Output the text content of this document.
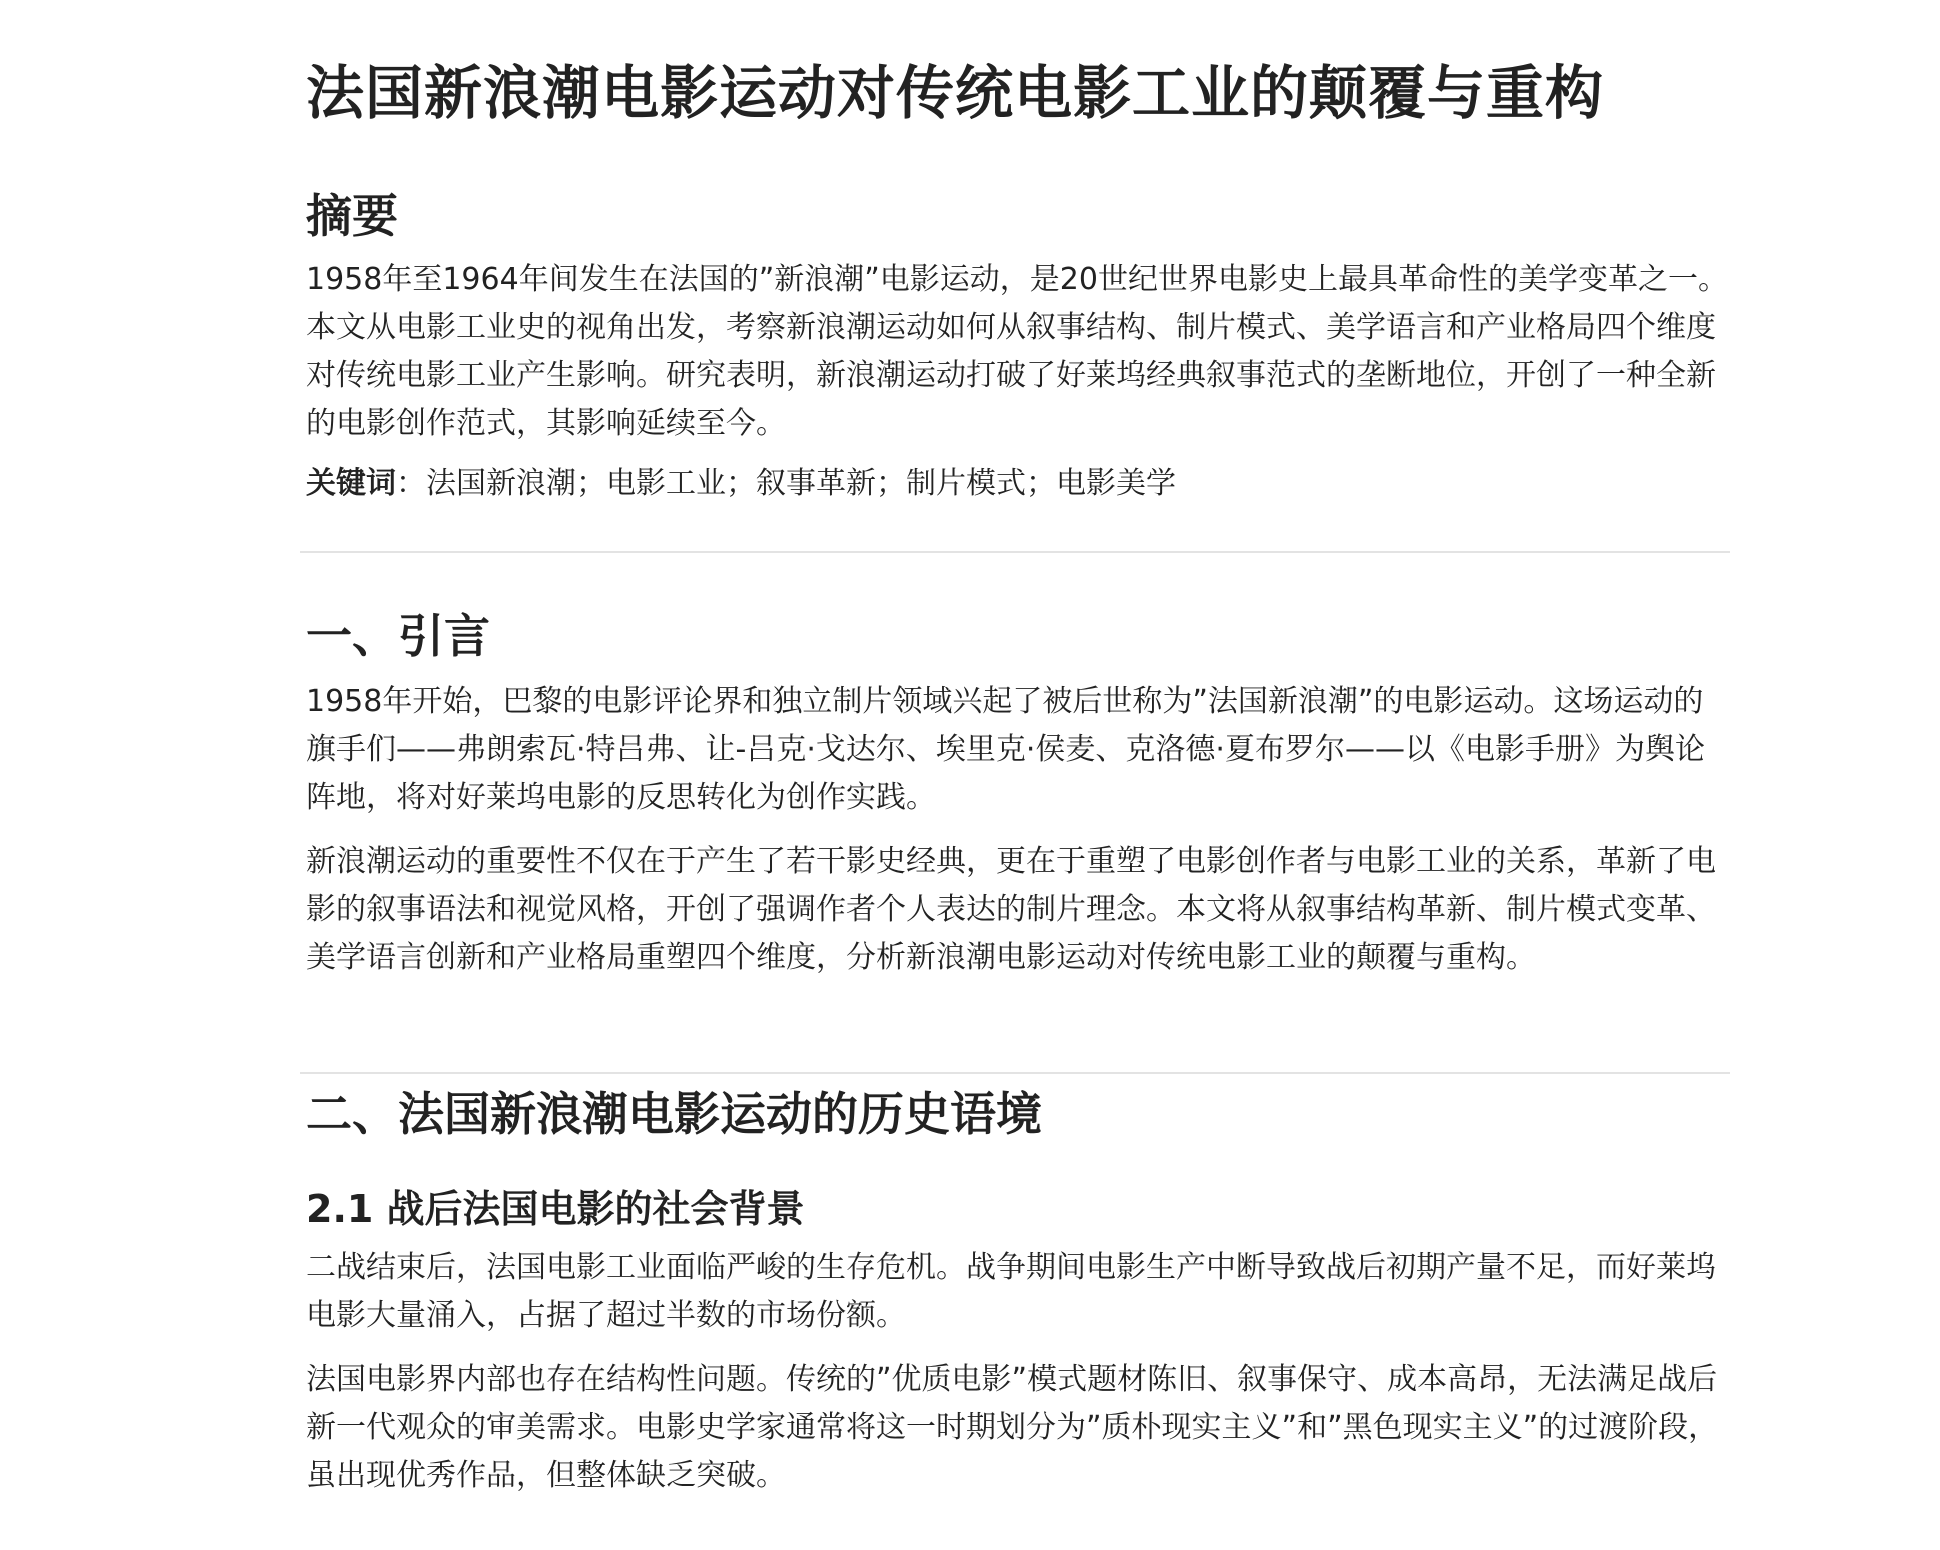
法国新浪潮电影运动对传统电影工业的颠覆与重构
摘要

1958年至1964年间发生在法国的”新浪潮”电影运动，是20世纪世界电影史上最具革命性的美学变革之一。本文从电影工业史的视角出发，考察新浪潮运动如何从叙事结构、制片模式、美学语言和产业格局四个维度对传统电影工业产生影响。研究表明，新浪潮运动打破了好莱坞经典叙事范式的垄断地位，开创了一种全新的电影创作范式，其影响延续至今。

关键词：法国新浪潮；电影工业；叙事革新；制片模式；电影美学

一、引言

1958年开始，巴黎的电影评论界和独立制片领域兴起了被后世称为”法国新浪潮”的电影运动。这场运动的旗手们——弗朗索瓦·特吕弗、让-吕克·戈达尔、埃里克·侯麦、克洛德·夏布罗尔——以《电影手册》为舆论阵地，将对好莱坞电影的反思转化为创作实践。

新浪潮运动的重要性不仅在于产生了若干影史经典，更在于重塑了电影创作者与电影工业的关系，革新了电影的叙事语法和视觉风格，开创了强调作者个人表达的制片理念。本文将从叙事结构革新、制片模式变革、美学语言创新和产业格局重塑四个维度，分析新浪潮电影运动对传统电影工业的颠覆与重构。

二、法国新浪潮电影运动的历史语境
2.1 战后法国电影的社会背景

二战结束后，法国电影工业面临严峻的生存危机。战争期间电影生产中断导致战后初期产量不足，而好莱坞电影大量涌入，占据了超过半数的市场份额。

法国电影界内部也存在结构性问题。传统的”优质电影”模式题材陈旧、叙事保守、成本高昂，无法满足战后新一代观众的审美需求。电影史学家通常将这一时期划分为”质朴现实主义”和”黑色现实主义”的过渡阶段，虽出现优秀作品，但整体缺乏突破。
